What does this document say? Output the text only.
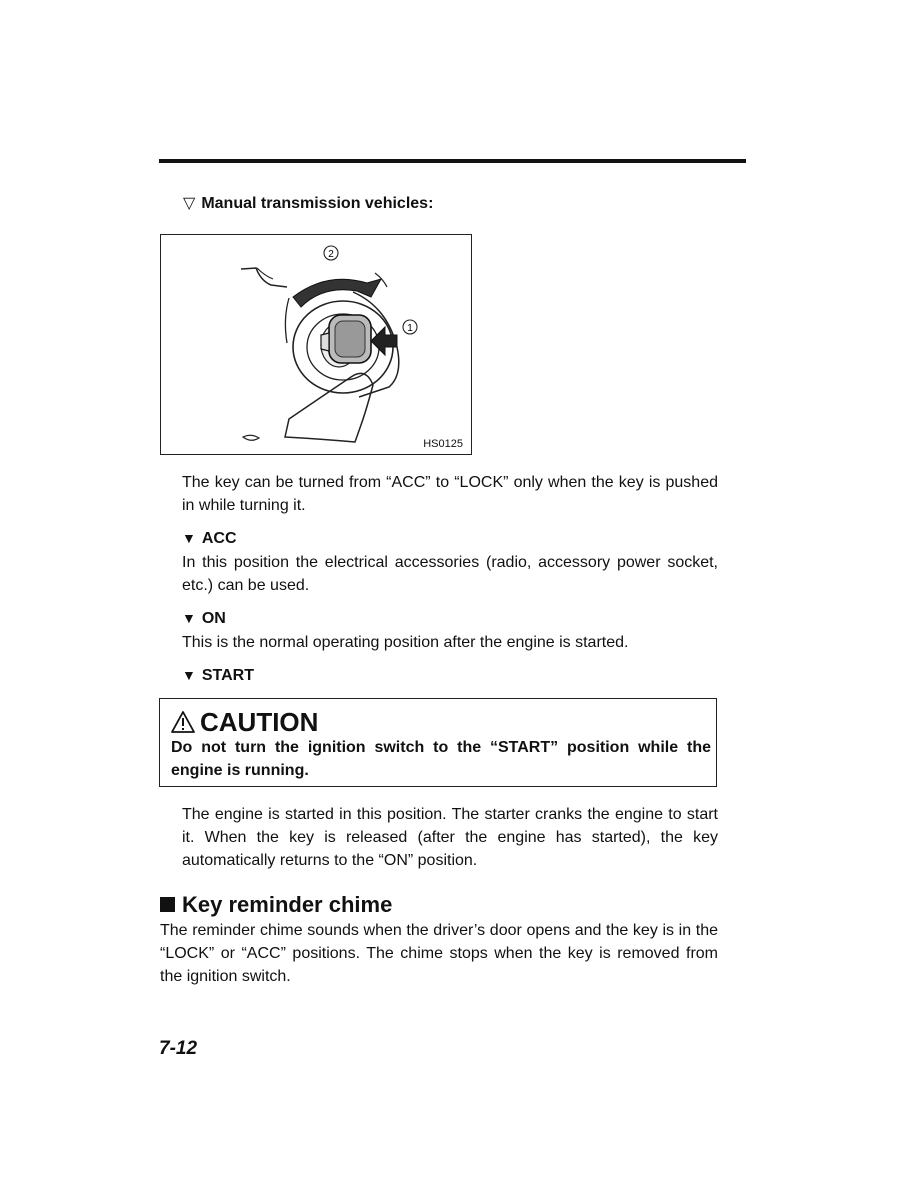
▽ Manual transmission vehicles:
2
1
HS0125
The key can be turned from “ACC” to “LOCK” only when the key is pushed in while turning it.
▼ ACC
In this position the electrical accessories (radio, accessory power socket, etc.) can be used.
▼ ON
This is the normal operating position after the engine is started.
▼ START
CAUTION
Do not turn the ignition switch to the “START” position while the engine is running.
The engine is started in this position. The starter cranks the engine to start it. When the key is released (after the engine has started), the key automatically returns to the “ON” position.
Key reminder chime
The reminder chime sounds when the driver’s door opens and the key is in the “LOCK” or “ACC” positions. The chime stops when the key is removed from the ignition switch.
7-12
